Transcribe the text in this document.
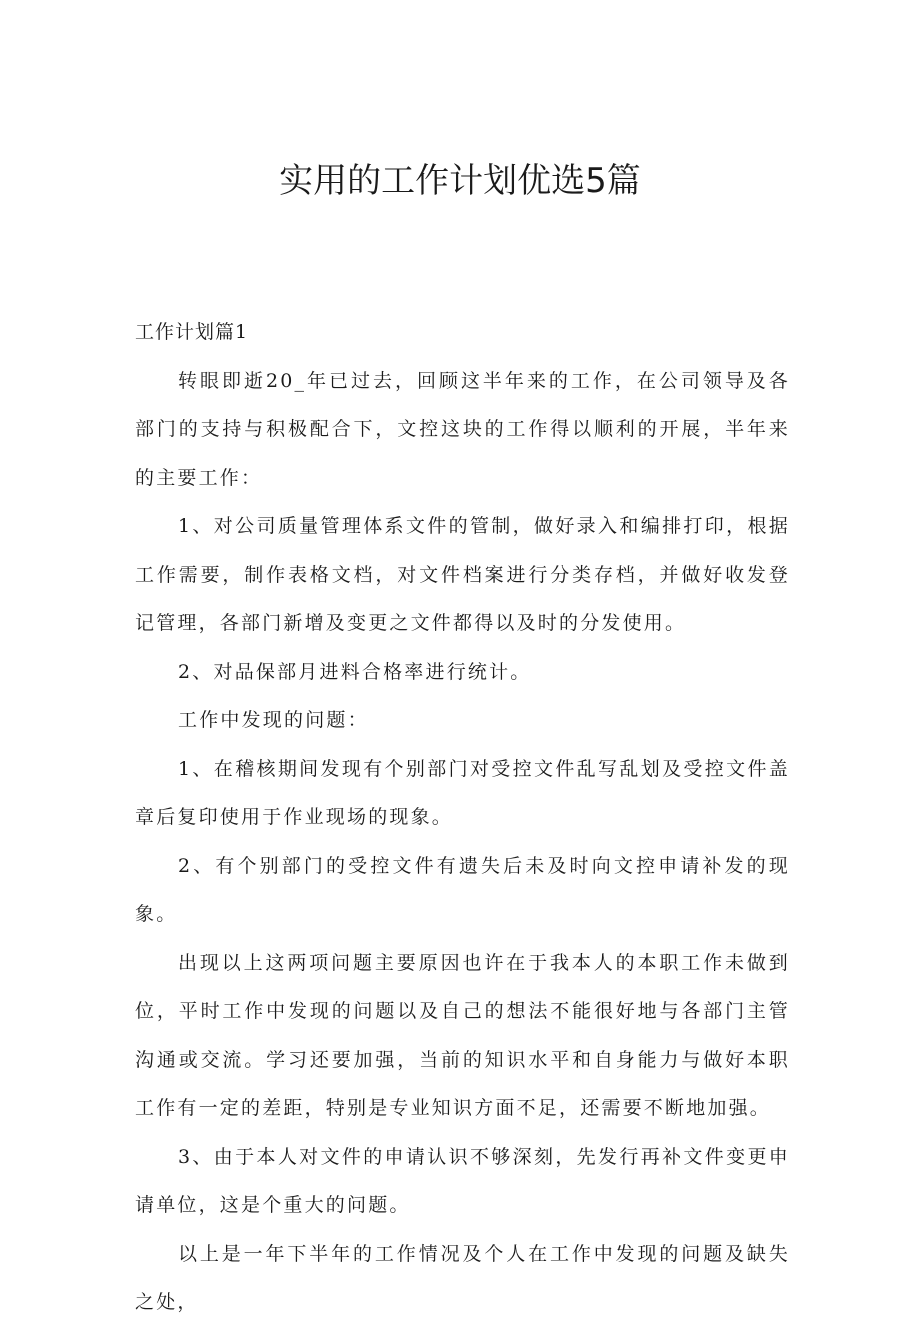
实用的工作计划优选5篇

工作计划篇1

转眼即逝20_年已过去，回顾这半年来的工作，在公司领导及各部门的支持与积极配合下，文控这块的工作得以顺利的开展，半年来的主要工作：

1、对公司质量管理体系文件的管制，做好录入和编排打印，根据工作需要，制作表格文档，对文件档案进行分类存档，并做好收发登记管理，各部门新增及变更之文件都得以及时的分发使用。

2、对品保部月进料合格率进行统计。

工作中发现的问题：

1、在稽核期间发现有个别部门对受控文件乱写乱划及受控文件盖章后复印使用于作业现场的现象。

2、有个别部门的受控文件有遗失后未及时向文控申请补发的现象。

出现以上这两项问题主要原因也许在于我本人的本职工作未做到位，平时工作中发现的问题以及自己的想法不能很好地与各部门主管沟通或交流。学习还要加强，当前的知识水平和自身能力与做好本职工作有一定的差距，特别是专业知识方面不足，还需要不断地加强。

3、由于本人对文件的申请认识不够深刻，先发行再补文件变更申请单位，这是个重大的问题。

以上是一年下半年的工作情况及个人在工作中发现的问题及缺失之处，
